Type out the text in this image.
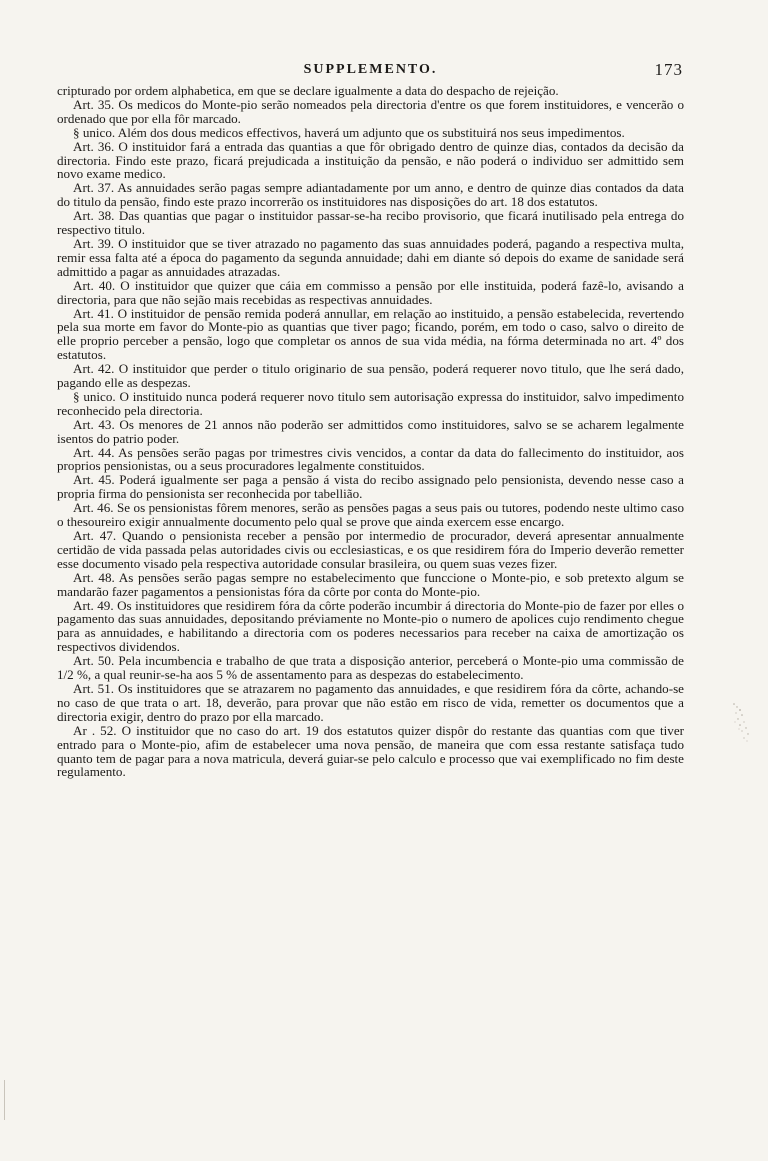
SUPPLEMENTO.	173

cripturado por ordem alphabetica, em que se declare igualmente a data do despacho de rejeição.

Art. 35. Os medicos do Monte-pio serão nomeados pela directoria d'entre os que forem instituidores, e vencerão o ordenado que por ella fôr marcado.

§ unico. Além dos dous medicos effectivos, haverá um adjunto que os substituirá nos seus impedimentos.

Art. 36. O instituidor fará a entrada das quantias a que fôr obrigado dentro de quinze dias, contados da decisão da directoria. Findo este prazo, ficará prejudicada a instituição da pensão, e não poderá o individuo ser admittido sem novo exame medico.

Art. 37. As annuidades serão pagas sempre adiantadamente por um anno, e dentro de quinze dias contados da data do titulo da pensão, findo este prazo incorrerão os instituidores nas disposições do art. 18 dos estatutos.

Art. 38. Das quantias que pagar o instituidor passar-se-ha recibo provisorio, que ficará inutilisado pela entrega do respectivo titulo.

Art. 39. O instituidor que se tiver atrazado no pagamento das suas annuidades poderá, pagando a respectiva multa, remir essa falta até a época do pagamento da segunda annuidade; dahi em diante só depois do exame de sanidade será admittido a pagar as annuidades atrazadas.

Art. 40. O instituidor que quizer que cáia em commisso a pensão por elle instituida, poderá fazê-lo, avisando a directoria, para que não sejão mais recebidas as respectivas annuidades.

Art. 41. O instituidor de pensão remida poderá annullar, em relação ao instituido, a pensão estabelecida, revertendo pela sua morte em favor do Monte-pio as quantias que tiver pago; ficando, porém, em todo o caso, salvo o direito de elle proprio perceber a pensão, logo que completar os annos de sua vida média, na fórma determinada no art. 4º dos estatutos.

Art. 42. O instituidor que perder o titulo originario de sua pensão, poderá requerer novo titulo, que lhe será dado, pagando elle as despezas.

§ unico. O instituido nunca poderá requerer novo titulo sem autorisação expressa do instituidor, salvo impedimento reconhecido pela directoria.

Art. 43. Os menores de 21 annos não poderão ser admittidos como instituidores, salvo se se acharem legalmente isentos do patrio poder.

Art. 44. As pensões serão pagas por trimestres civis vencidos, a contar da data do fallecimento do instituidor, aos proprios pensionistas, ou a seus procuradores legalmente constituidos.

Art. 45. Poderá igualmente ser paga a pensão á vista do recibo assignado pelo pensionista, devendo nesse caso a propria firma do pensionista ser reconhecida por tabellião.

Art. 46. Se os pensionistas fôrem menores, serão as pensões pagas a seus pais ou tutores, podendo neste ultimo caso o thesoureiro exigir annualmente documento pelo qual se prove que ainda exercem esse encargo.

Art. 47. Quando o pensionista receber a pensão por intermedio de procurador, deverá apresentar annualmente certidão de vida passada pelas autoridades civis ou ecclesiasticas, e os que residirem fóra do Imperio deverão remetter esse documento visado pela respectiva autoridade consular brasileira, ou quem suas vezes fizer.

Art. 48. As pensões serão pagas sempre no estabelecimento que funccione o Monte-pio, e sob pretexto algum se mandarão fazer pagamentos a pensionistas fóra da côrte por conta do Monte-pio.

Art. 49. Os instituidores que residirem fóra da côrte poderão incumbir á directoria do Monte-pio de fazer por elles o pagamento das suas annuidades, depositando préviamente no Monte-pio o numero de apolices cujo rendimento chegue para as annuidades, e habilitando a directoria com os poderes necessarios para receber na caixa de amortização os respectivos dividendos.

Art. 50. Pela incumbencia e trabalho de que trata a disposição anterior, perceberá o Monte-pio uma commissão de 1/2 %, a qual reunir-se-ha aos 5 % de assentamento para as despezas do estabelecimento.

Art. 51. Os instituidores que se atrazarem no pagamento das annuidades, e que residirem fóra da côrte, achando-se no caso de que trata o art. 18, deverão, para provar que não estão em risco de vida, remetter os documentos que a directoria exigir, dentro do prazo por ella marcado.

Ar . 52. O instituidor que no caso do art. 19 dos estatutos quizer dispôr do restante das quantias com que tiver entrado para o Monte-pio, afim de estabelecer uma nova pensão, de maneira que com essa restante satisfaça tudo quanto tem de pagar para a nova matricula, deverá guiar-se pelo calculo e processo que vai exemplificado no fim deste regulamento.
